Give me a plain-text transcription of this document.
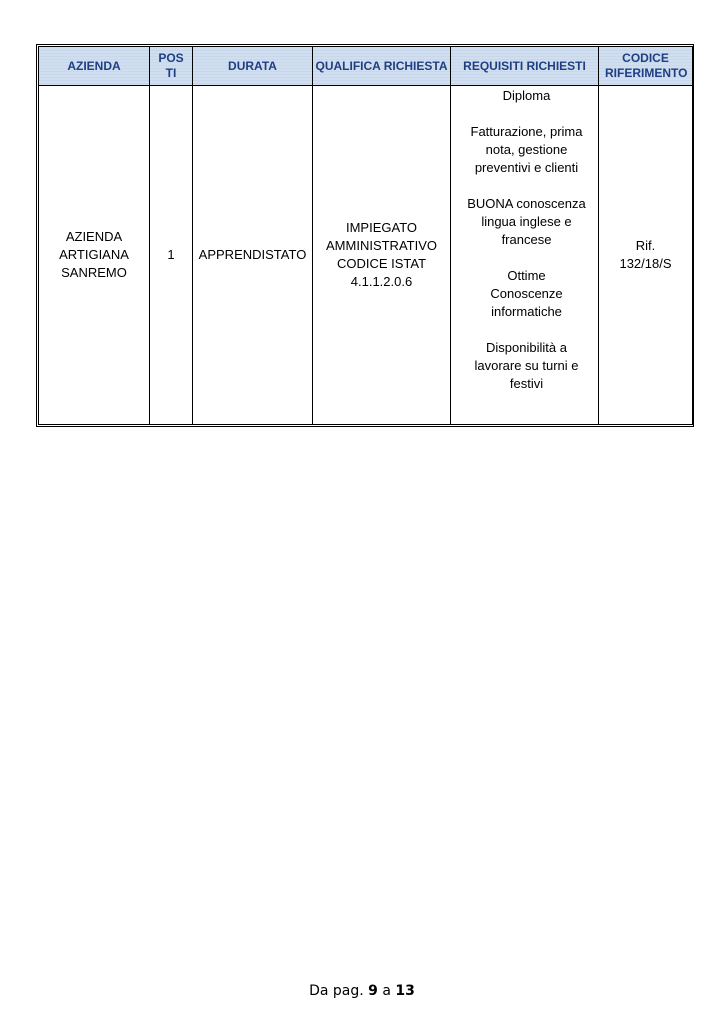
AZIENDA	POSTI	DURATA	QUALIFICA RICHIESTA	REQUISITI RICHIESTI	CODICE RIFERIMENTO
AZIENDA ARTIGIANA SANREMO	1	APPRENDISTATO	IMPIEGATO AMMINISTRATIVO CODICE ISTAT 4.1.1.2.0.6	Diploma
Fatturazione, prima nota, gestione preventivi e clienti
BUONA conoscenza lingua inglese e francese
Ottime Conoscenze informatiche
Disponibilità a lavorare su turni e festivi	Rif. 132/18/S
Da pag. 9 a 13
